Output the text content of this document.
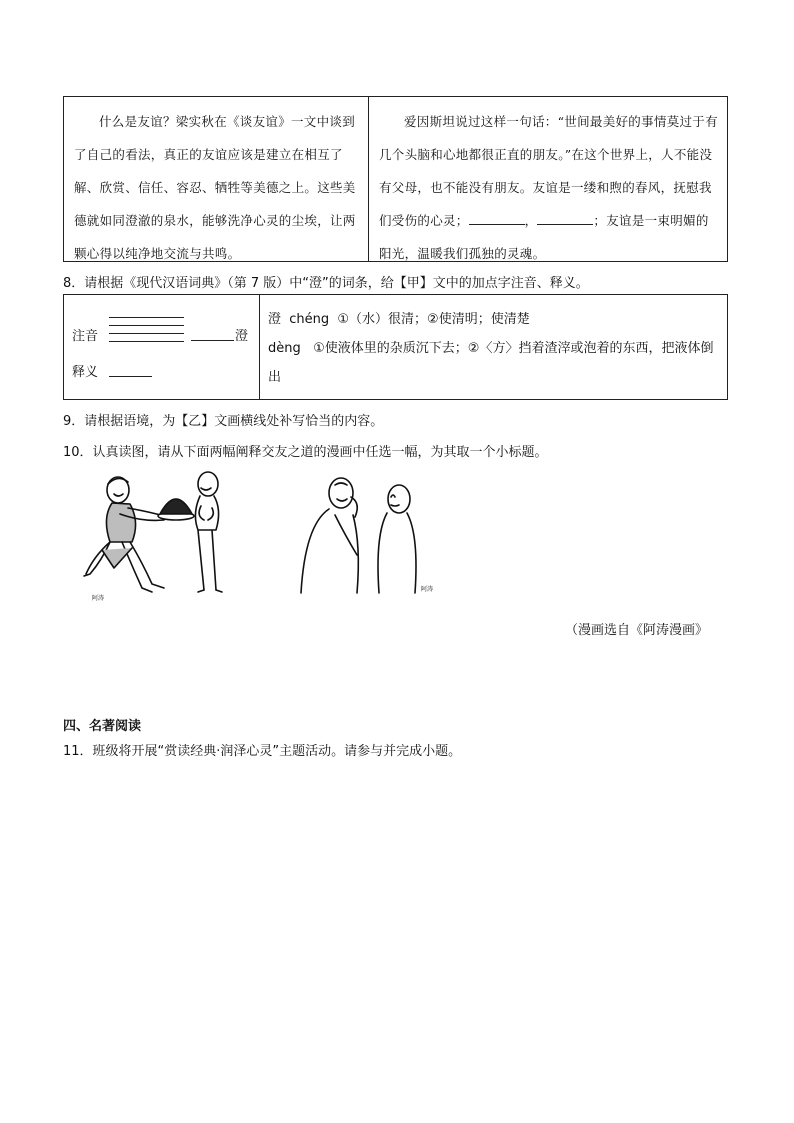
什么是友谊？梁实秋在《谈友谊》一文中谈到了自己的看法，真正的友谊应该是建立在相互了解、欣赏、信任、容忍、牺牲等美德之上。这些美德就如同澄澈的泉水，能够洗净心灵的尘埃，让两颗心得以纯净地交流与共鸣。

爱因斯坦说过这样一句话：“世间最美好的事情莫过于有几个头脑和心地都很正直的朋友。”在这个世界上，人不能没有父母，也不能没有朋友。友谊是一缕和煦的春风，抚慰我们受伤的心灵；	，	；友谊是一束明媚的阳光，温暖我们孤独的灵魂。

8．请根据《现代汉语词典》（第 7 版）中“澄”的词条，给【甲】文中的加点字注音、释义。
注音	澄
释义
澄  chéng  ①（水）很清；②使清明；使清楚
dèng   ①使液体里的杂质沉下去；②〈方〉挡着渣滓或泡着的东西，把液体倒出
9．请根据语境，为【乙】文画横线处补写恰当的内容。
10．认真读图，请从下面两幅阐释交友之道的漫画中任选一幅，为其取一个小标题。
阿涛
阿涛
（漫画选自《阿涛漫画》
四、名著阅读
11．班级将开展“赏读经典·润泽心灵”主题活动。请参与并完成小题。
